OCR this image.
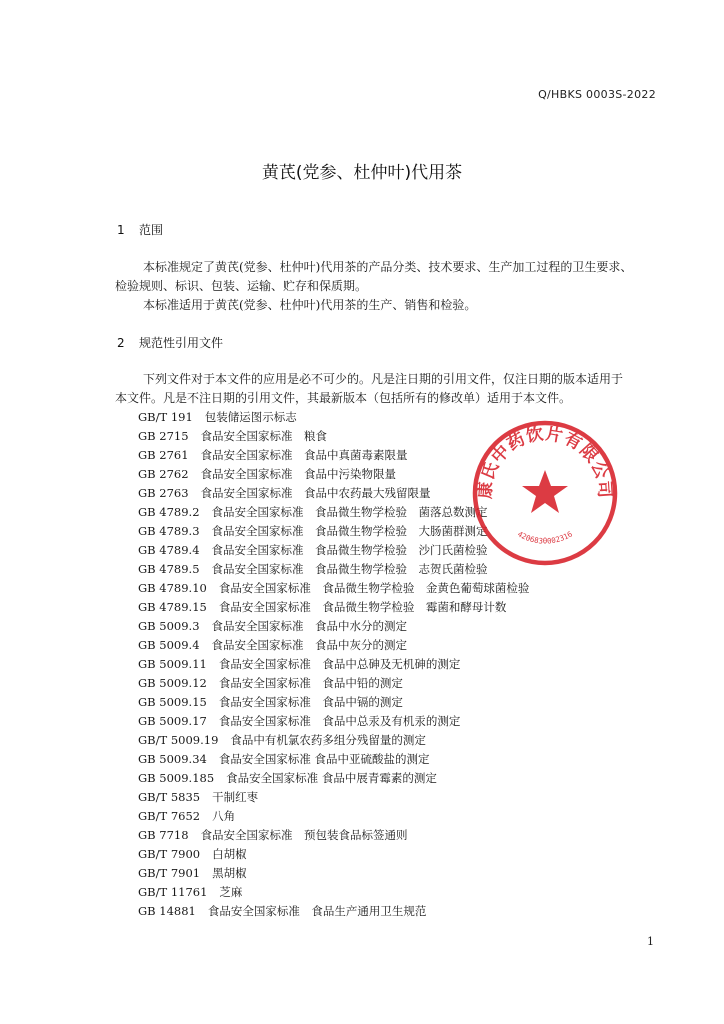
Q/HBKS 0003S-2022
黄芪(党参、杜仲叶)代用茶
1 范围
本标准规定了黄芪(党参、杜仲叶)代用茶的产品分类、技术要求、生产加工过程的卫生要求、
检验规则、标识、包装、运输、贮存和保质期。
本标准适用于黄芪(党参、杜仲叶)代用茶的生产、销售和检验。
2 规范性引用文件
下列文件对于本文件的应用是必不可少的。凡是注日期的引用文件，仅注日期的版本适用于
本文件。凡是不注日期的引用文件，其最新版本（包括所有的修改单）适用于本文件。
GB/T 191 包装储运图示标志
GB 2715 食品安全国家标准　粮食
GB 2761 食品安全国家标准　食品中真菌毒素限量
GB 2762 食品安全国家标准　食品中污染物限量
GB 2763 食品安全国家标准　食品中农药最大残留限量
GB 4789.2 食品安全国家标准　食品微生物学检验　菌落总数测定
GB 4789.3 食品安全国家标准　食品微生物学检验　大肠菌群测定
GB 4789.4 食品安全国家标准　食品微生物学检验　沙门氏菌检验
GB 4789.5 食品安全国家标准　食品微生物学检验　志贺氏菌检验
GB 4789.10 食品安全国家标准　食品微生物学检验　金黄色葡萄球菌检验
GB 4789.15 食品安全国家标准　食品微生物学检验　霉菌和酵母计数
GB 5009.3 食品安全国家标准　食品中水分的测定
GB 5009.4 食品安全国家标准　食品中灰分的测定
GB 5009.11 食品安全国家标准　食品中总砷及无机砷的测定
GB 5009.12 食品安全国家标准　食品中铅的测定
GB 5009.15 食品安全国家标准　食品中镉的测定
GB 5009.17 食品安全国家标准　食品中总汞及有机汞的测定
GB/T 5009.19 食品中有机氯农药多组分残留量的测定
GB 5009.34 食品安全国家标准 食品中亚硫酸盐的测定
GB 5009.185 食品安全国家标准 食品中展青霉素的测定
GB/T 5835 干制红枣
GB/T 7652 八角
GB 7718 食品安全国家标准　预包装食品标签通则
GB/T 7900 白胡椒
GB/T 7901 黑胡椒
GB/T 11761 芝麻
GB 14881 食品安全国家标准　食品生产通用卫生规范
康氏中药饮片有限公司
4206830002316
1
